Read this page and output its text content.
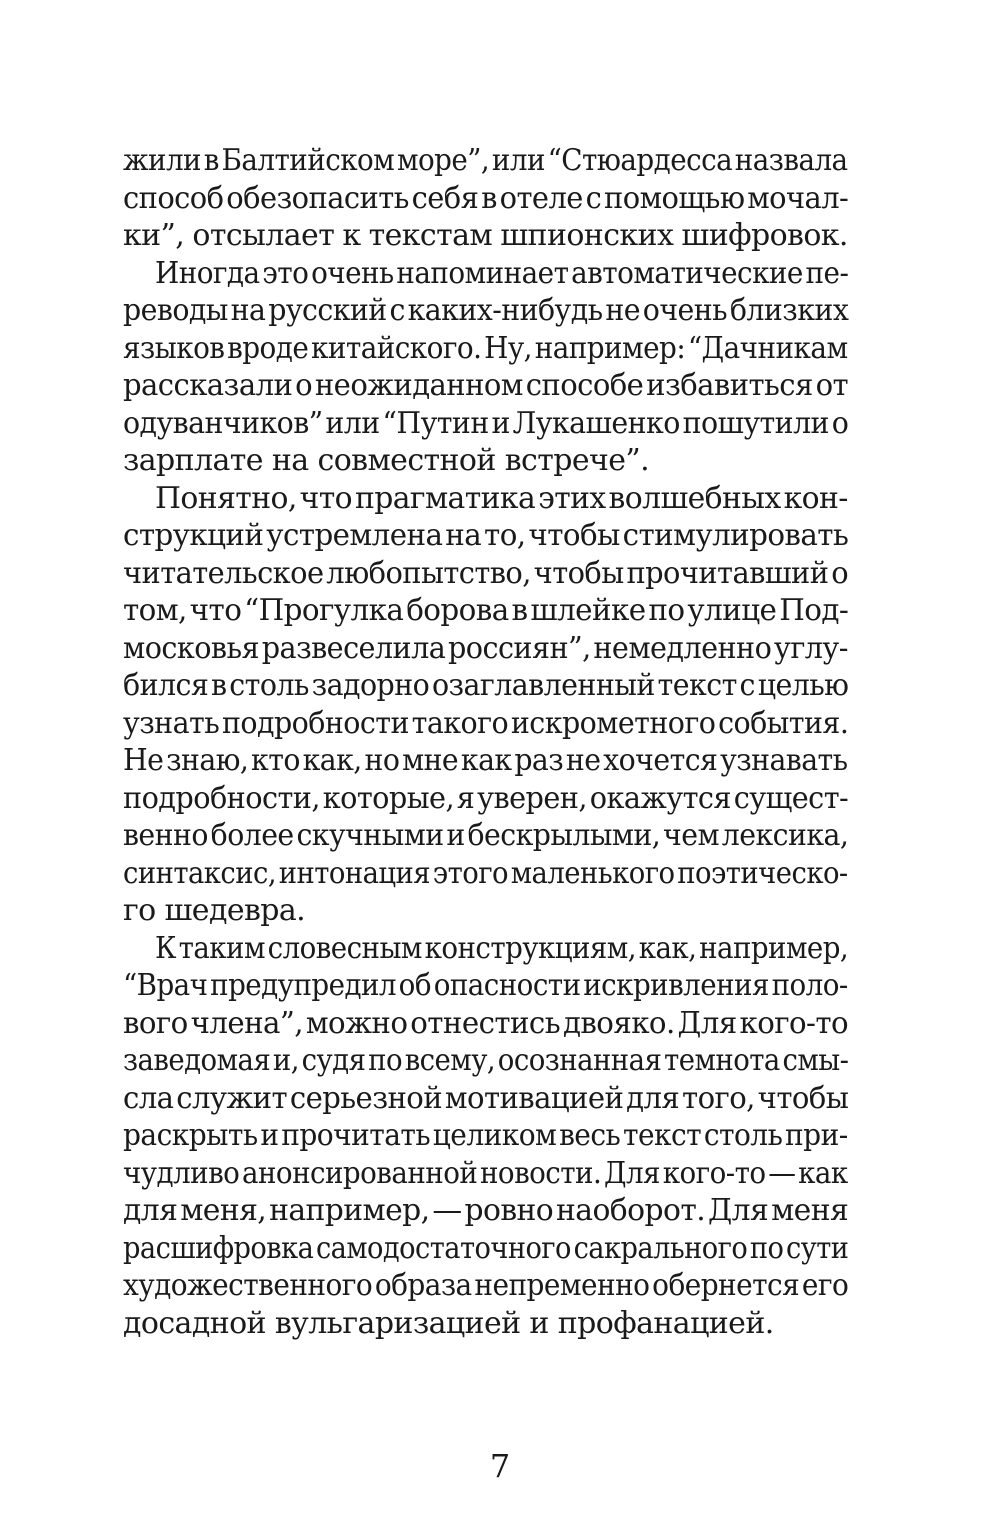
жили в Балтийском море”, или “Стюардесса назвала
способ обезопасить себя в отеле с помощью мочал-
ки”, отсылает к текстам шпионских шифровок.
Иногда это очень напоминает автоматические пе-
реводы на русский с каких-нибудь не очень близких
языков вроде китайского. Ну, например: “Дачникам
рассказали о неожиданном способе избавиться от
одуванчиков” или “Путин и Лукашенко пошутили о
зарплате на совместной встрече”.
Понятно, что прагматика этих волшебных кон-
струкций устремлена на то, чтобы стимулировать
читательское любопытство, чтобы прочитавший о
том, что “Прогулка борова в шлейке по улице Под-
московья развеселила россиян”, немедленно углу-
бился в столь задорно озаглавленный текст с целью
узнать подробности такого искрометного события.
Не знаю, кто как, но мне как раз не хочется узнавать
подробности, которые, я уверен, окажутся сущест-
венно более скучными и бескрылыми, чем лексика,
синтаксис, интонация этого маленького поэтическо-
го шедевра.
К таким словесным конструкциям, как, например,
“Врач предупредил об опасности искривления поло-
вого члена”, можно отнестись двояко. Для кого-то
заведомая и, судя по всему, осознанная темнота смы-
сла служит серьезной мотивацией для того, чтобы
раскрыть и прочитать целиком весь текст столь при-
чудливо анонсированной новости. Для кого-то — как
для меня, например, — ровно наоборот. Для меня
расшифровка самодостаточного сакрального по сути
художественного образа непременно обернется его
досадной вульгаризацией и профанацией.
7
